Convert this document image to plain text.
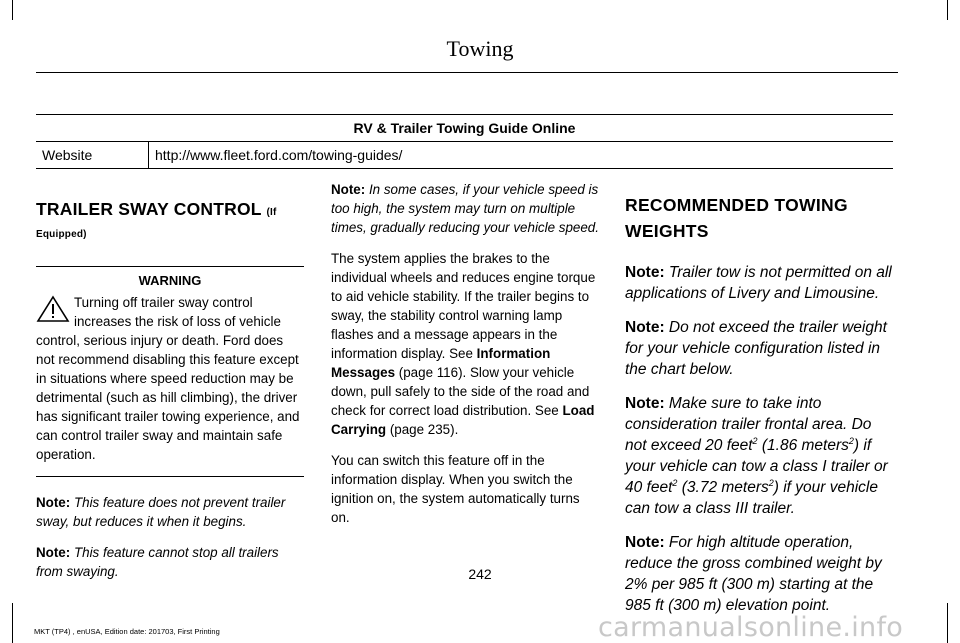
Towing
RV & Trailer Towing Guide Online
Website	http://www.fleet.ford.com/towing-guides/
TRAILER SWAY CONTROL (If Equipped)
WARNING

Turning off trailer sway control increases the risk of loss of vehicle control, serious injury or death. Ford does not recommend disabling this feature except in situations where speed reduction may be detrimental (such as hill climbing), the driver has significant trailer towing experience, and can control trailer sway and maintain safe operation.

Note: This feature does not prevent trailer sway, but reduces it when it begins.

Note: This feature cannot stop all trailers from swaying.

Note: In some cases, if your vehicle speed is too high, the system may turn on multiple times, gradually reducing your vehicle speed.

The system applies the brakes to the individual wheels and reduces engine torque to aid vehicle stability. If the trailer begins to sway, the stability control warning lamp flashes and a message appears in the information display. See Information Messages (page 116). Slow your vehicle down, pull safely to the side of the road and check for correct load distribution. See Load Carrying (page 235).

You can switch this feature off in the information display. When you switch the ignition on, the system automatically turns on.

RECOMMENDED TOWING WEIGHTS

Note: Trailer tow is not permitted on all applications of Livery and Limousine.

Note: Do not exceed the trailer weight for your vehicle configuration listed in the chart below.

Note: Make sure to take into consideration trailer frontal area. Do not exceed 20 feet$^2$ (1.86 meters$^2$) if your vehicle can tow a class I trailer or 40 feet$^2$ (3.72 meters$^2$) if your vehicle can tow a class III trailer.

Note: For high altitude operation, reduce the gross combined weight by 2% per 985 ft (300 m) starting at the 985 ft (300 m) elevation point.

242
MKT (TP4) , enUSA, Edition date: 201703, First Printing	carmanualsonline.info
